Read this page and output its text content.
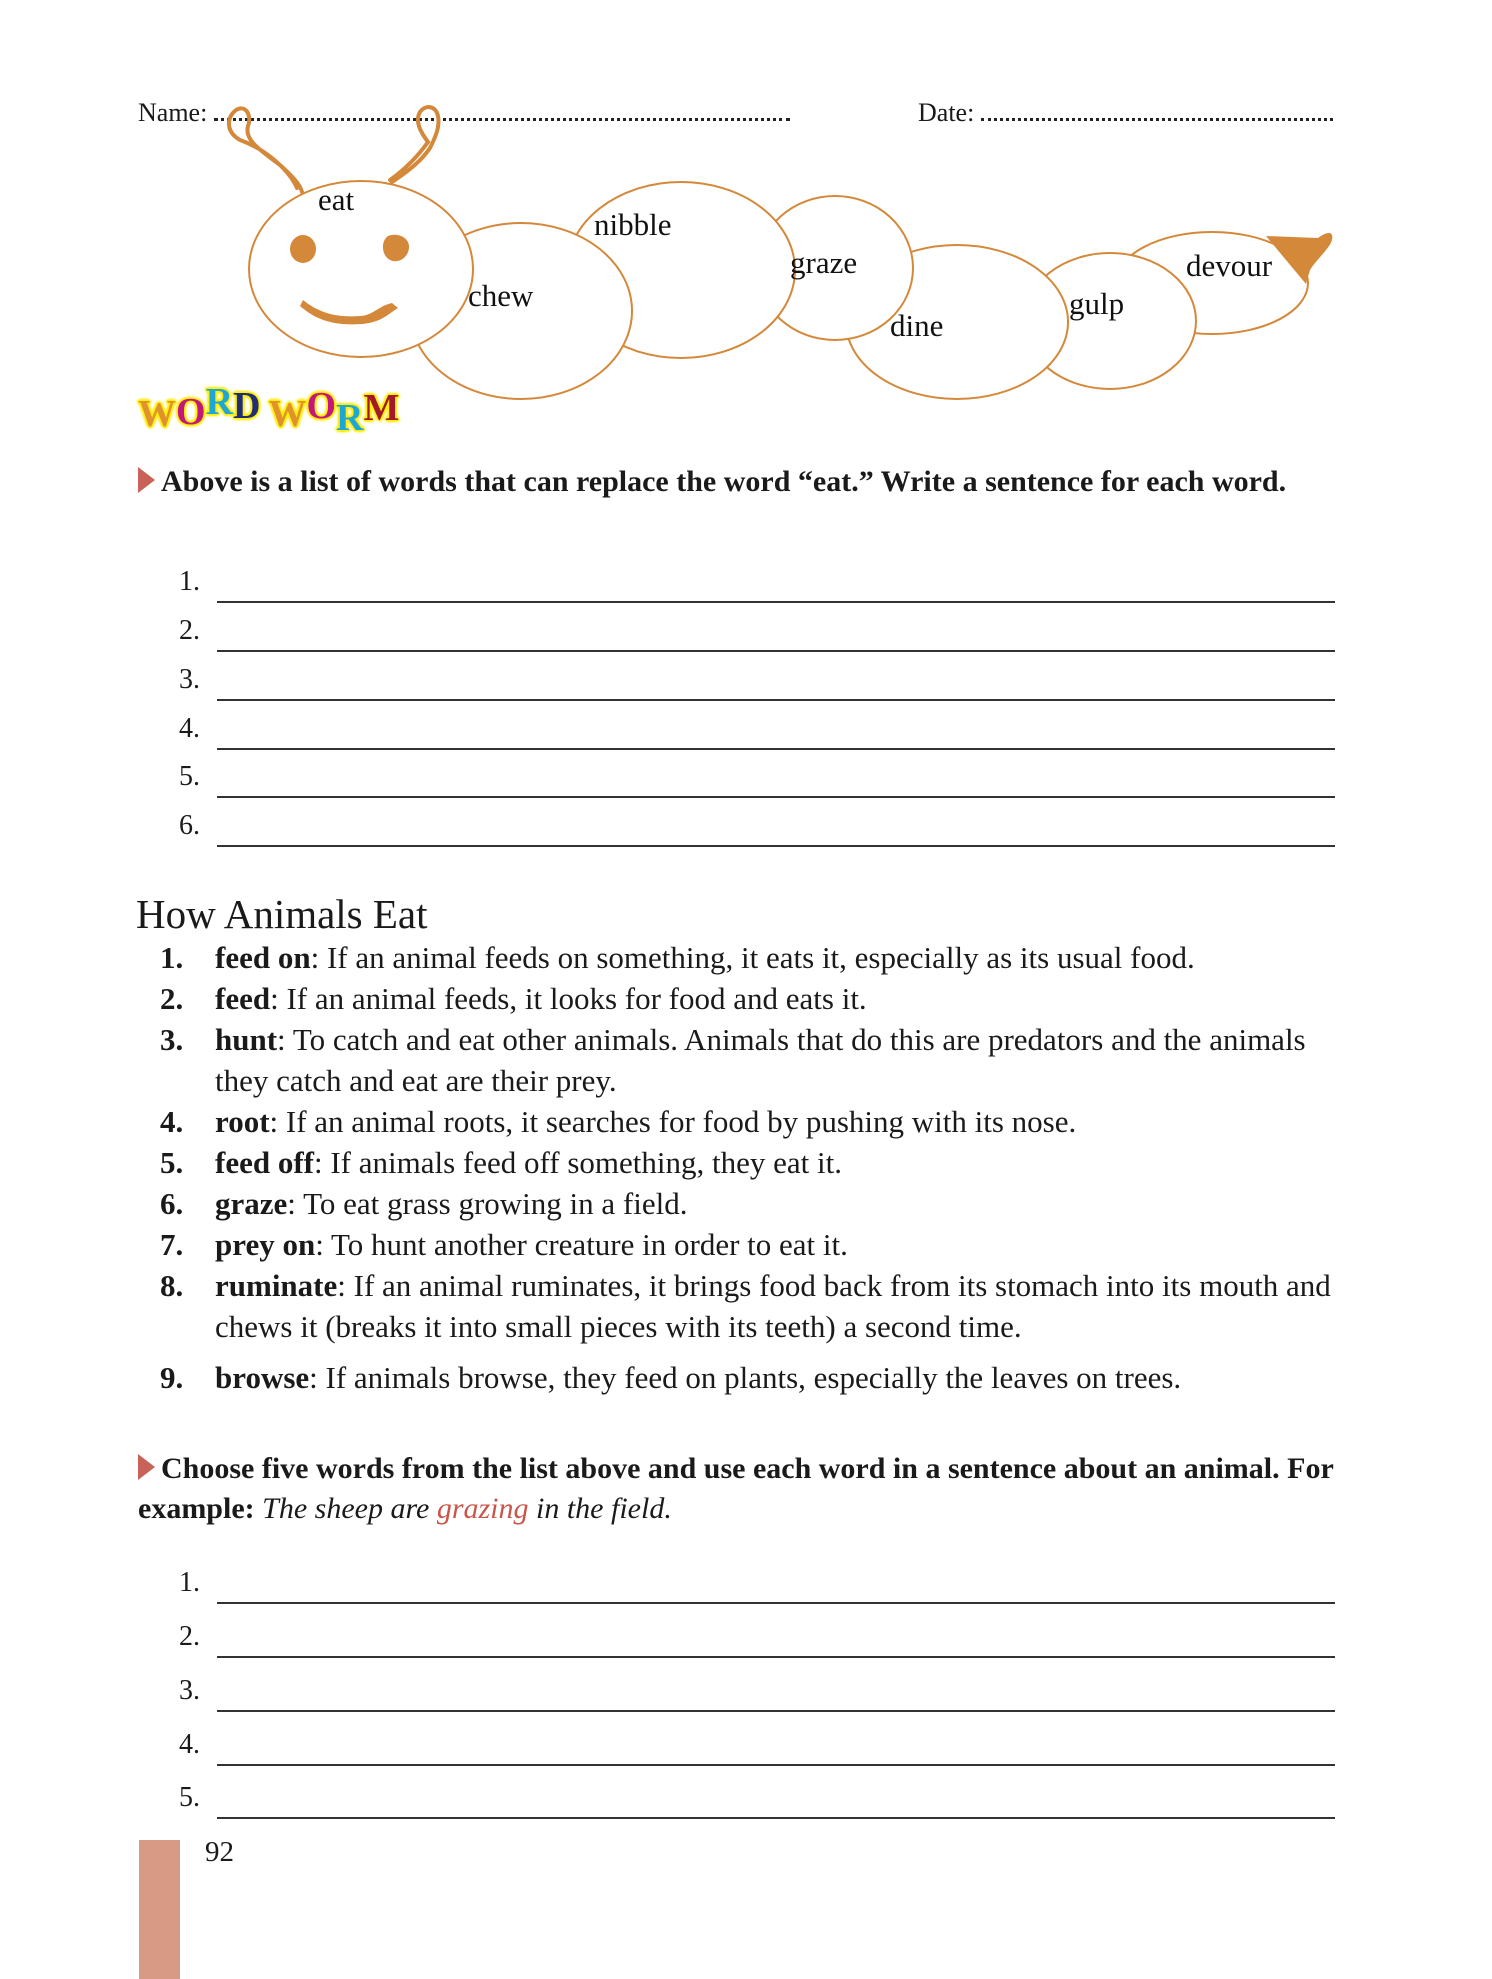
Name:	Date:
eat
chew
nibble
graze
dine
gulp
devour
WORD WORM
Above is a list of words that can replace the word “eat.” Write a sentence for each word.
1.
2.
3.
4.
5.
6.
How Animals Eat
1. feed on: If an animal feeds on something, it eats it, especially as its usual food.
2. feed: If an animal feeds, it looks for food and eats it.
3. hunt: To catch and eat other animals. Animals that do this are predators and the animals they catch and eat are their prey.
4. root: If an animal roots, it searches for food by pushing with its nose.
5. feed off: If animals feed off something, they eat it.
6. graze: To eat grass growing in a field.
7. prey on: To hunt another creature in order to eat it.
8. ruminate: If an animal ruminates, it brings food back from its stomach into its mouth and chews it (breaks it into small pieces with its teeth) a second time.
9. browse: If animals browse, they feed on plants, especially the leaves on trees.
Choose five words from the list above and use each word in a sentence about an animal. For example: The sheep are grazing in the field.
1.
2.
3.
4.
5.
92
